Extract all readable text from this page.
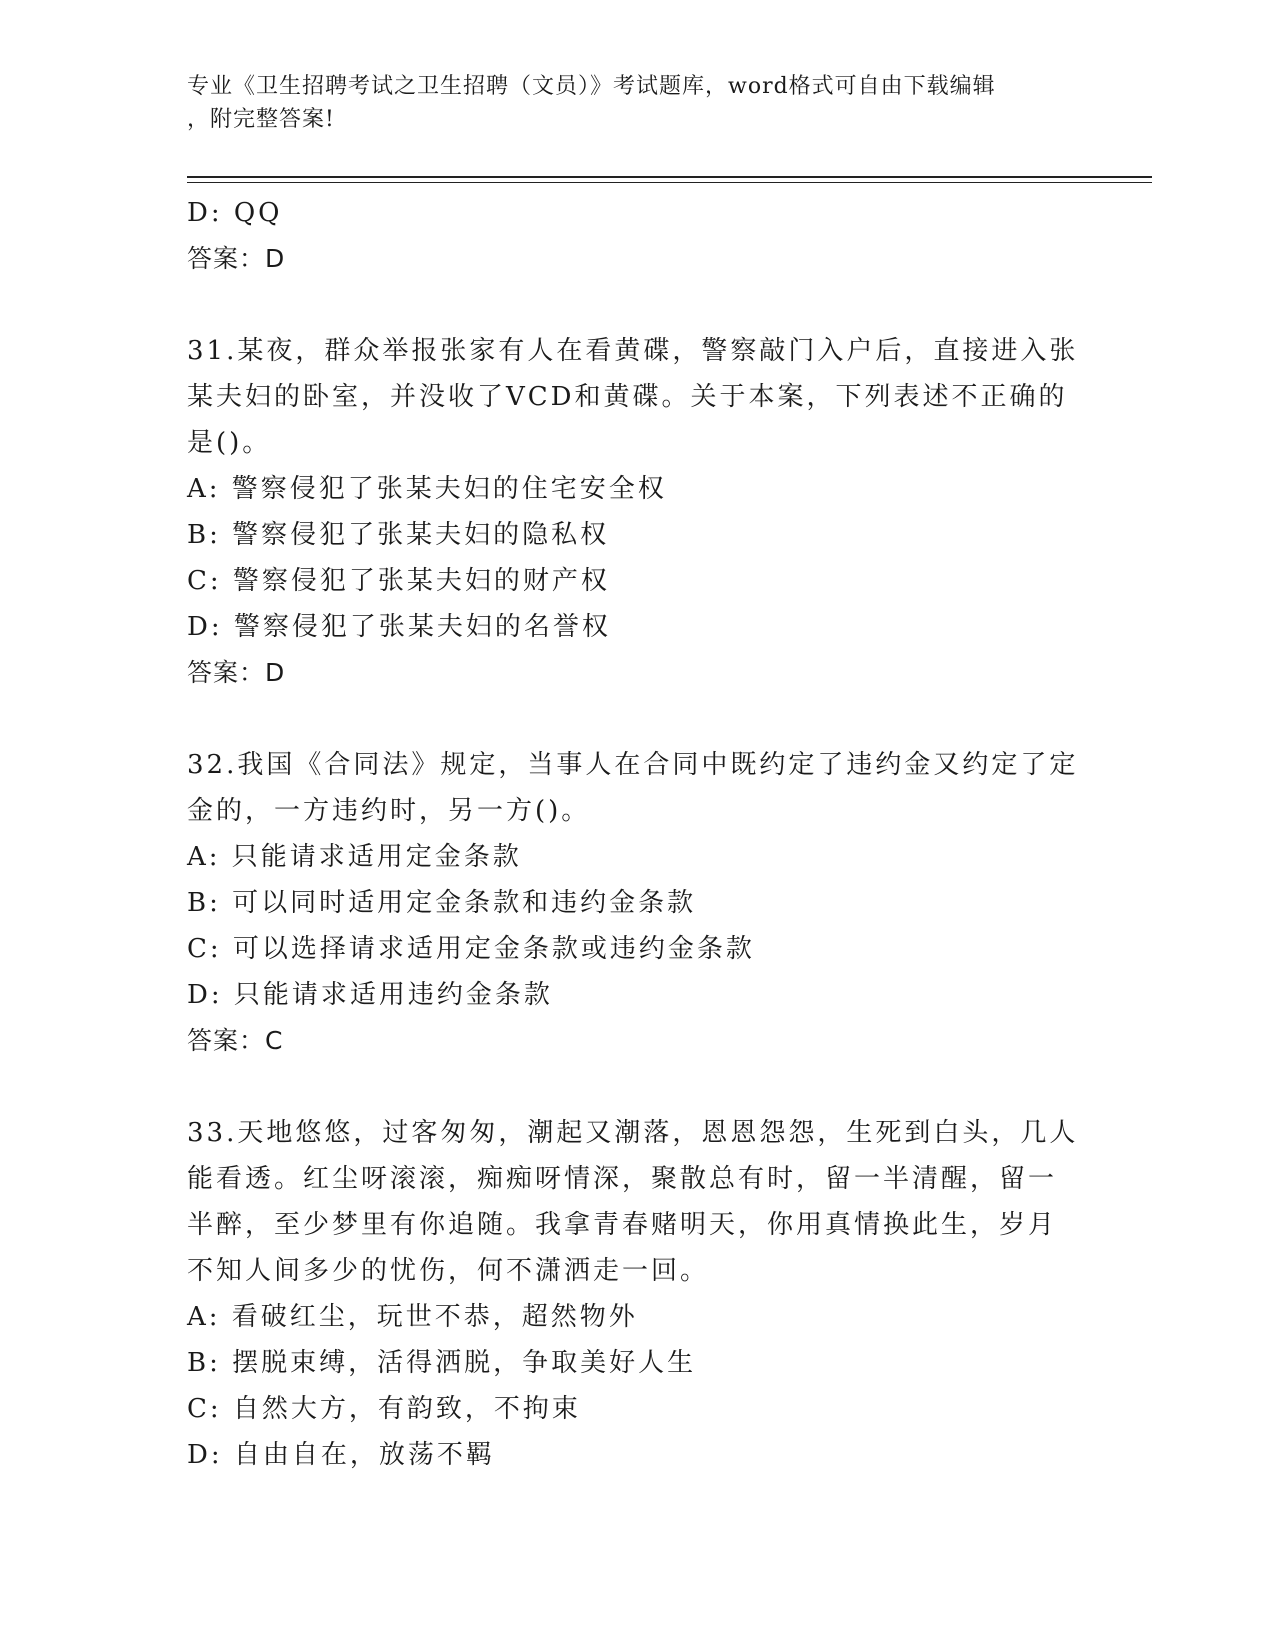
专业《卫生招聘考试之卫生招聘（文员）》考试题库，word格式可自由下载编辑
，附完整答案!
D: QQ
答案：D
31.某夜，群众举报张家有人在看黄碟，警察敲门入户后，直接进入张
某夫妇的卧室，并没收了VCD和黄碟。关于本案，下列表述不正确的
是()。
A: 警察侵犯了张某夫妇的住宅安全权
B: 警察侵犯了张某夫妇的隐私权
C: 警察侵犯了张某夫妇的财产权
D: 警察侵犯了张某夫妇的名誉权
答案：D
32.我国《合同法》规定，当事人在合同中既约定了违约金又约定了定
金的，一方违约时，另一方()。
A: 只能请求适用定金条款
B: 可以同时适用定金条款和违约金条款
C: 可以选择请求适用定金条款或违约金条款
D: 只能请求适用违约金条款
答案：C
33.天地悠悠，过客匆匆，潮起又潮落，恩恩怨怨，生死到白头，几人
能看透。红尘呀滚滚，痴痴呀情深，聚散总有时，留一半清醒，留一
半醉，至少梦里有你追随。我拿青春赌明天，你用真情换此生，岁月
不知人间多少的忧伤，何不潇洒走一回。
A: 看破红尘，玩世不恭，超然物外
B: 摆脱束缚，活得洒脱，争取美好人生
C: 自然大方，有韵致，不拘束
D: 自由自在，放荡不羁
